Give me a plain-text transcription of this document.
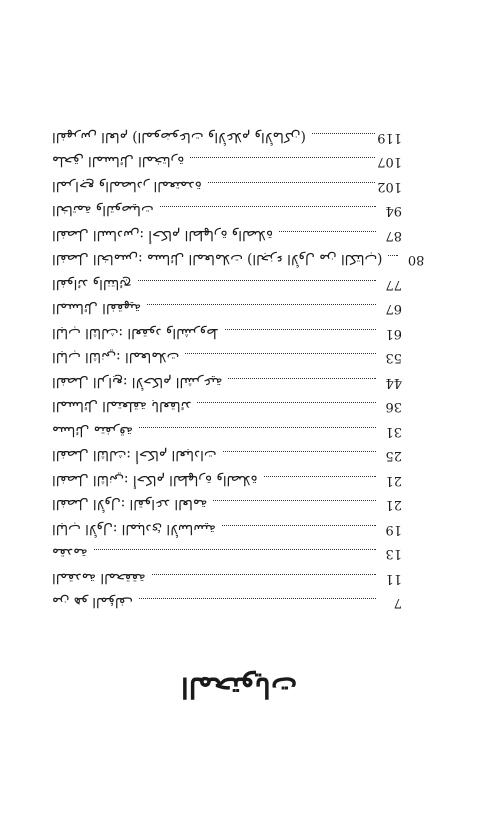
المحتويات
من هو المؤلف	7
المقدمة المحققة	11
مقدمة	13
الباب الأول: المبادئ الأساسية	19
الفصل الأول: القواعد العامة	21
الفصل الثاني: أحكام الطهارة والصلاة	21
الفصل الثالث: أحكام العبادات	25
مسائل متفرقة	31
المسائل المتعلقة بالعقائد	36
الفصل الرابع: الأحكام الشرعية	44
الباب الثاني: المعاملات	53
الباب الثالث: العقود والشروط	61
المسائل الفقهية	67
الفوائد والنتائج	77
الفصل الخامس: مسائل المعاملات (الجزء الأول من الكتاب)	80
الفصل السادس: أحكام الطهارة والصلاة	87
الخاتمة والتوصيات	94
المراجع والمصادر المعتمدة	102
ملحق المسائل المختارة	107
الفهرس العام (الموضوعات والأعلام والأماكن)	119
